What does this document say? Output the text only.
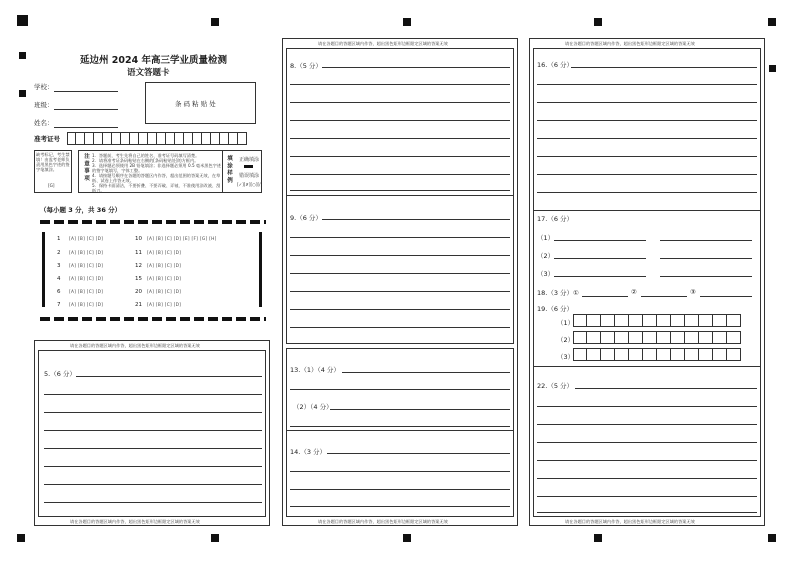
延边州 2024 年高三学业质量检测
语文答题卡
学校：
班级：
姓名：
条 码 粘 贴 处
准考证号
缺考标记，考生禁填！由监考老师负责用黑色字迹的签字笔填涂。
[G]
注 意 事 项 1．答题前，考生先将自己的姓名、准考证号码填写清楚。
2．请将准考证条码粘贴在右侧的[条码粘贴处]的方框内。
3．选择题必须使用 2B 铅笔填涂；非选择题必须用 0.5 毫米黑色字迹的签字笔填写，字体工整。
4．请按题号顺序在各题的答题区内作答，超出范围的答案无效，在草纸、试卷上作答无效。
5．保持卡面清洁，不要折叠、不要弄破、弄皱，不准使用涂改液、刮纸刀。
填 涂 样 例 正确填涂
错误填涂
[✓][✗][○][/]
（每小题 3 分，共 36 分）
1 [A] [B] [C] [D]
2 [A] [B] [C] [D]
3 [A] [B] [C] [D]
4 [A] [B] [C] [D]
6 [A] [B] [C] [D]
7 [A] [B] [C] [D]
10 [A] [B] [C] [D] [E] [F] [G] [H]
11 [A] [B] [C] [D]
12 [A] [B] [C] [D]
15 [A] [B] [C] [D]
20 [A] [B] [C] [D]
21 [A] [B] [C] [D]
请在各题目的答题区域内作答，超出黑色矩形边框限定区域的答案无效
5.（6 分）
请在各题目的答题区域内作答，超出黑色矩形边框限定区域的答案无效
请在各题目的答题区域内作答，超出黑色矩形边框限定区域的答案无效
8.（5 分）
9.（6 分）
13.（1）（4 分）
（2）（4 分）
14.（3 分）
请在各题目的答题区域内作答，超出黑色矩形边框限定区域的答案无效
请在各题目的答题区域内作答，超出黑色矩形边框限定区域的答案无效
16.（6 分）
17.（6 分）
（1）
（2）
（3）
18.（3 分）①	②	③
19.（6 分）
（1）
（2）
（3）
22.（5 分）
请在各题目的答题区域内作答，超出黑色矩形边框限定区域的答案无效
